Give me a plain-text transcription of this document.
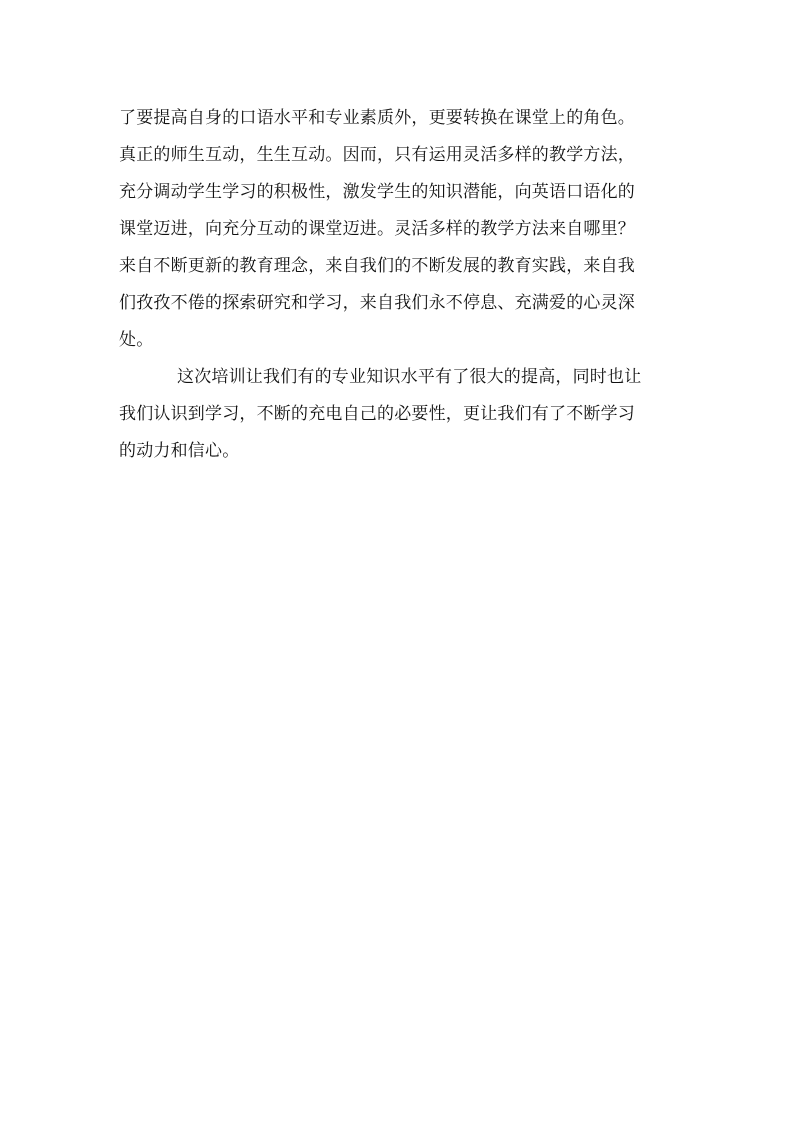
了要提高自身的口语水平和专业素质外，更要转换在课堂上的角色。
真正的师生互动，生生互动。因而，只有运用灵活多样的教学方法，
充分调动学生学习的积极性，激发学生的知识潜能，向英语口语化的
课堂迈进，向充分互动的课堂迈进。灵活多样的教学方法来自哪里？
来自不断更新的教育理念，来自我们的不断发展的教育实践，来自我
们孜孜不倦的探索研究和学习，来自我们永不停息、充满爱的心灵深
处。
这次培训让我们有的专业知识水平有了很大的提高，同时也让
我们认识到学习，不断的充电自己的必要性，更让我们有了不断学习
的动力和信心。
